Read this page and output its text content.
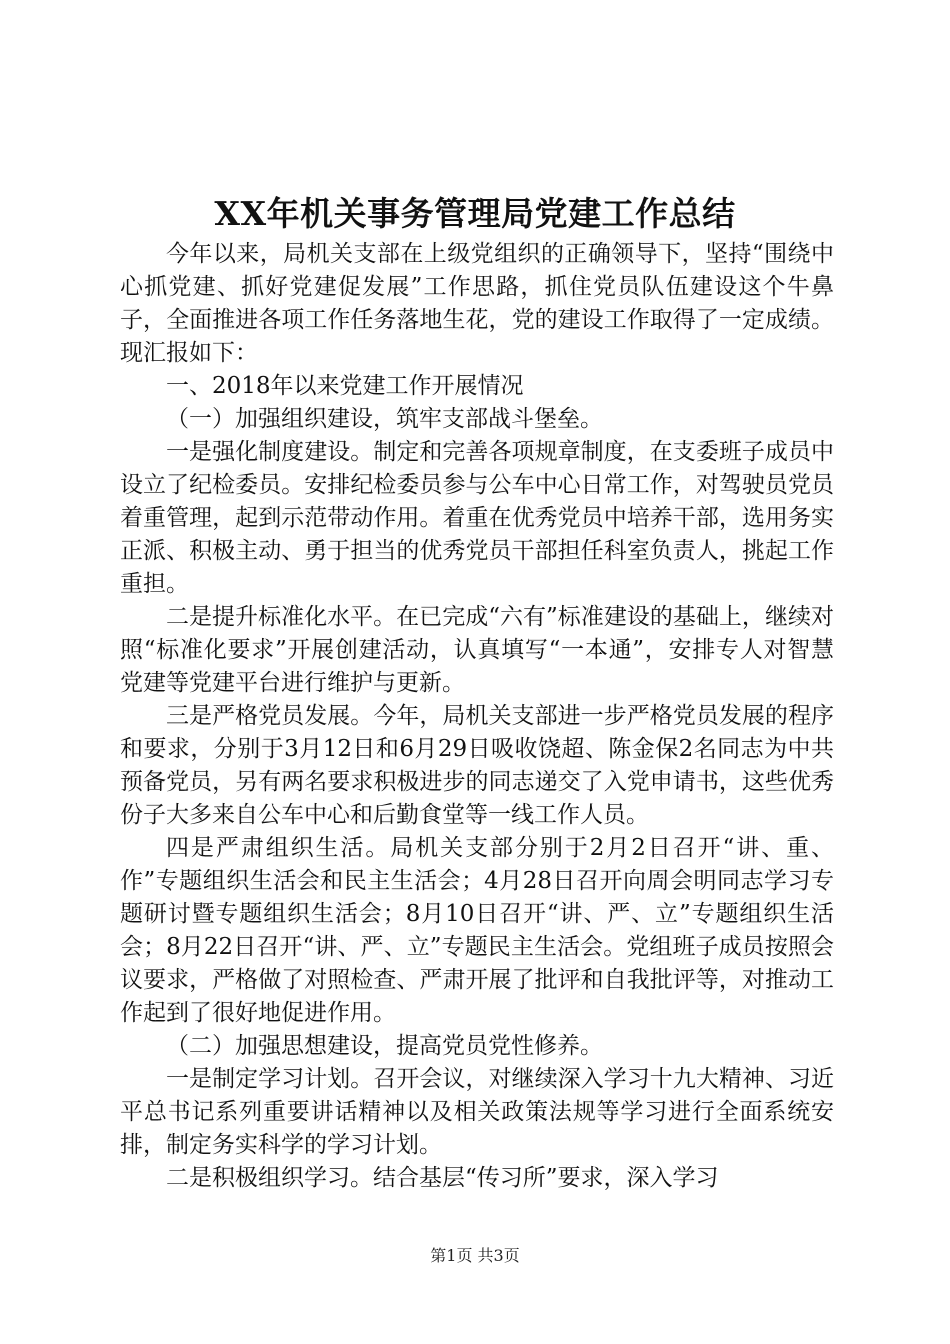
XX年机关事务管理局党建工作总结

今年以来，局机关支部在上级党组织的正确领导下，坚持“围绕中心抓党建、抓好党建促发展”工作思路，抓住党员队伍建设这个牛鼻子，全面推进各项工作任务落地生花，党的建设工作取得了一定成绩。现汇报如下：

一、2018年以来党建工作开展情况

（一）加强组织建设，筑牢支部战斗堡垒。

一是强化制度建设。制定和完善各项规章制度，在支委班子成员中设立了纪检委员。安排纪检委员参与公车中心日常工作，对驾驶员党员着重管理，起到示范带动作用。着重在优秀党员中培养干部，选用务实正派、积极主动、勇于担当的优秀党员干部担任科室负责人，挑起工作重担。

二是提升标准化水平。在已完成“六有”标准建设的基础上，继续对照“标准化要求”开展创建活动，认真填写“一本通”，安排专人对智慧党建等党建平台进行维护与更新。

三是严格党员发展。今年，局机关支部进一步严格党员发展的程序和要求，分别于3月12日和6月29日吸收饶超、陈金保2名同志为中共预备党员，另有两名要求积极进步的同志递交了入党申请书，这些优秀份子大多来自公车中心和后勤食堂等一线工作人员。

四是严肃组织生活。局机关支部分别于2月2日召开“讲、重、作”专题组织生活会和民主生活会；4月28日召开向周会明同志学习专题研讨暨专题组织生活会；8月10日召开“讲、严、立”专题组织生活会；8月22日召开“讲、严、立”专题民主生活会。党组班子成员按照会议要求，严格做了对照检查、严肃开展了批评和自我批评等，对推动工作起到了很好地促进作用。

（二）加强思想建设，提高党员党性修养。

一是制定学习计划。召开会议，对继续深入学习十九大精神、习近平总书记系列重要讲话精神以及相关政策法规等学习进行全面系统安排，制定务实科学的学习计划。

二是积极组织学习。结合基层“传习所”要求，深入学习

第1页 共3页
